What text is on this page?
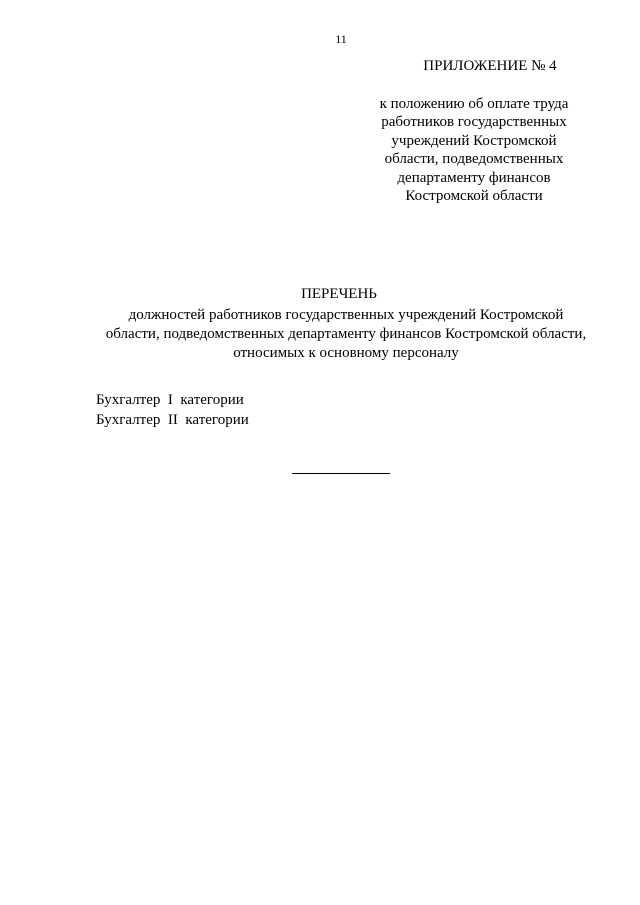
11
ПРИЛОЖЕНИЕ № 4
к положению об оплате труда
работников государственных
учреждений Костромской
области, подведомственных
департаменту финансов
Костромской области
ПЕРЕЧЕНЬ
должностей работников государственных учреждений Костромской
области, подведомственных департаменту финансов Костромской области,
относимых к основному персоналу
Бухгалтер  I  категории
Бухгалтер  II  категории
